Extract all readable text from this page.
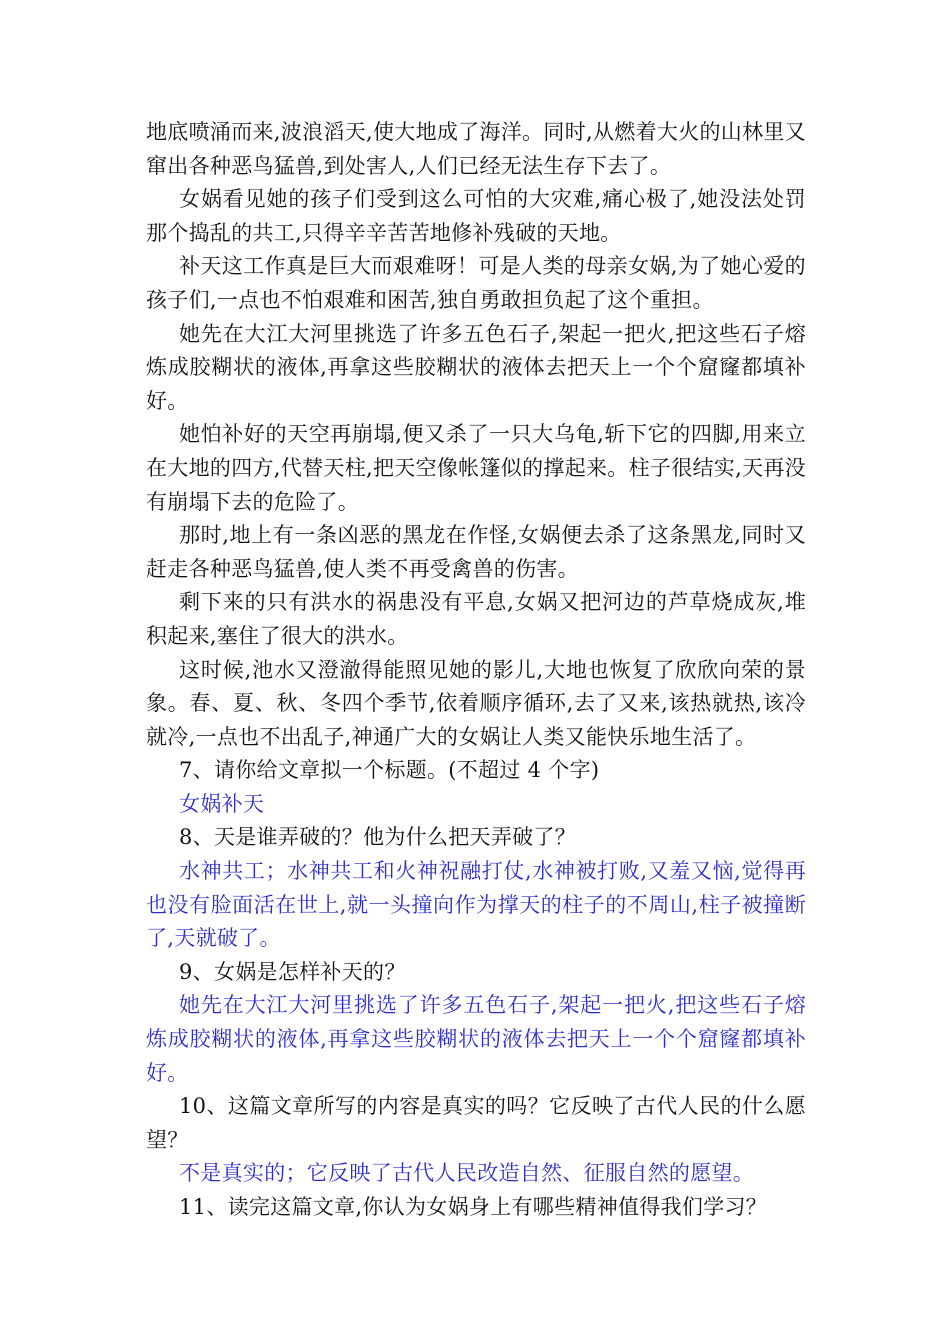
地底喷涌而来,波浪滔天,使大地成了海洋。同时,从燃着大火的山林里又窜出各种恶鸟猛兽,到处害人,人们已经无法生存下去了。

女娲看见她的孩子们受到这么可怕的大灾难,痛心极了,她没法处罚那个捣乱的共工,只得辛辛苦苦地修补残破的天地。

补天这工作真是巨大而艰难呀！可是人类的母亲女娲,为了她心爱的孩子们,一点也不怕艰难和困苦,独自勇敢担负起了这个重担。

她先在大江大河里挑选了许多五色石子,架起一把火,把这些石子熔炼成胶糊状的液体,再拿这些胶糊状的液体去把天上一个个窟窿都填补好。

她怕补好的天空再崩塌,便又杀了一只大乌龟,斩下它的四脚,用来立在大地的四方,代替天柱,把天空像帐篷似的撑起来。柱子很结实,天再没有崩塌下去的危险了。

那时,地上有一条凶恶的黑龙在作怪,女娲便去杀了这条黑龙,同时又赶走各种恶鸟猛兽,使人类不再受禽兽的伤害。

剩下来的只有洪水的祸患没有平息,女娲又把河边的芦草烧成灰,堆积起来,塞住了很大的洪水。

这时候,池水又澄澈得能照见她的影儿,大地也恢复了欣欣向荣的景象。春、夏、秋、冬四个季节,依着顺序循环,去了又来,该热就热,该冷就冷,一点也不出乱子,神通广大的女娲让人类又能快乐地生活了。

7、请你给文章拟一个标题。(不超过 4 个字)

女娲补天

8、天是谁弄破的？他为什么把天弄破了？

水神共工；水神共工和火神祝融打仗,水神被打败,又羞又恼,觉得再也没有脸面活在世上,就一头撞向作为撑天的柱子的不周山,柱子被撞断了,天就破了。

9、女娲是怎样补天的？

她先在大江大河里挑选了许多五色石子,架起一把火,把这些石子熔炼成胶糊状的液体,再拿这些胶糊状的液体去把天上一个个窟窿都填补好。

10、这篇文章所写的内容是真实的吗？它反映了古代人民的什么愿望？

不是真实的；它反映了古代人民改造自然、征服自然的愿望。

11、读完这篇文章,你认为女娲身上有哪些精神值得我们学习？
